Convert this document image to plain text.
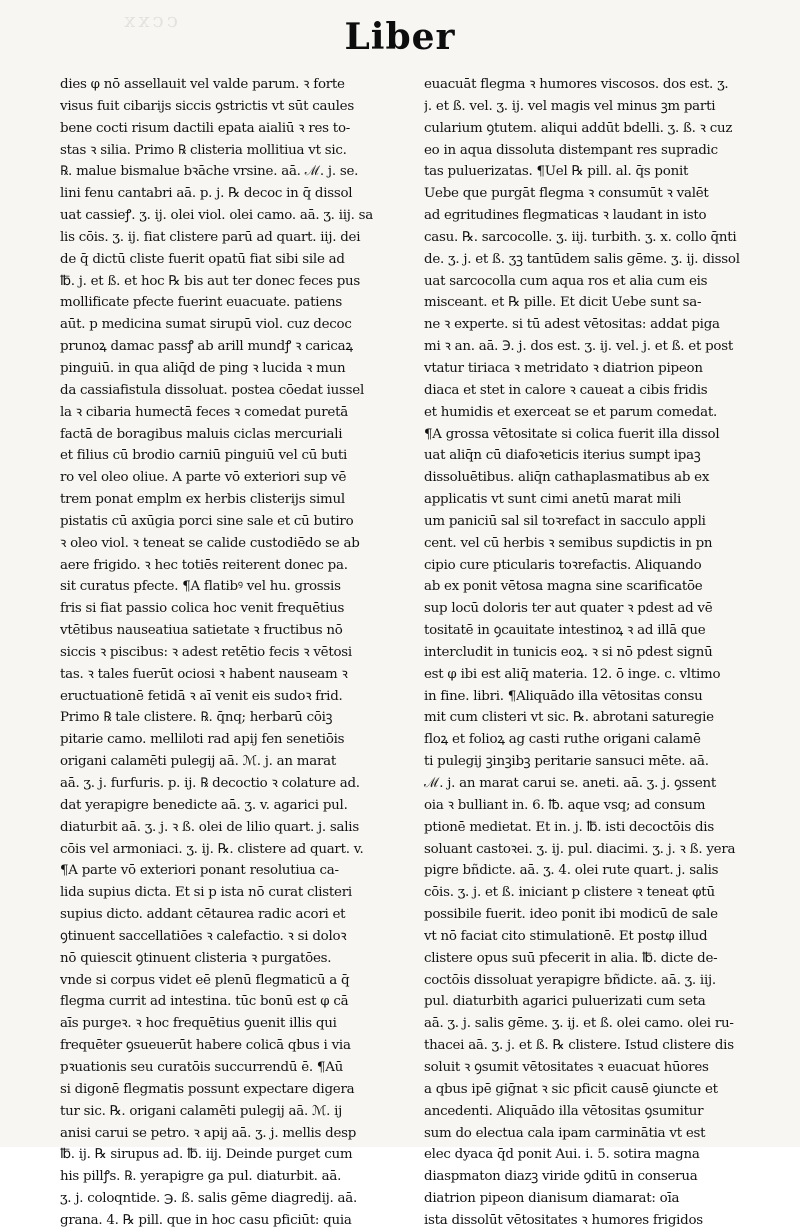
ccxx	Liber
dies φ nō assellauit vel valde parum. ꝛ forte
visus fuit cibarijs siccis ꝯstrictis vt sūt caules
bene cocti risum dactili epata aialiū ꝛ res to-
stas ꝛ silia. Primo ℞ clisteria mollitiua vt sic.
℞. malue bismalue bꝛāche vrsine. aā. ℳ. j. se.
lini fenu cantabri aā. p. j. ℞ decoc in q̄ dissol
uat cassieꝭ. ʒ. ij. olei viol. olei camo. aā. ʒ. iij. sa
lis cōis. ʒ. ij. fiat clistere parū ad quart. iij. dei
de q̄ dictū cliste fuerit opatū fiat sibi sile ad
℔. j. et ß. et hoc ℞ bis aut ter donec feces pus
mollificate pfecte fuerint euacuate. patiens
aūt. p medicina sumat sirupū viol. cuz decoc
prunoꝝ damac passꝭ ab arill mundꝭ ꝛ caricaꝝ
pinguiū. in qua aliq̄d de ping ꝛ lucida ꝛ mun
da cassiafistula dissoluat. postea cōedat iussel
la ꝛ cibaria humectā feces ꝛ comedat puretā
factā de boragibus maluis ciclas mercuriali
et filius cū brodio carniū pinguiū vel cū buti
ro vel oleo oliue. A parte vō exteriori sup vē
trem ponat emplm ex herbis clisterijs simul
pistatis cū axūgia porci sine sale et cū butiro
ꝛ oleo viol. ꝛ teneat se calide custodiēdo se ab
aere frigido. ꝛ hec totiēs reiterent donec pa.
sit curatus pfecte. ¶A flatibꝰ vel hu. grossis
fris si fiat passio colica hoc venit frequētius
vtētibus nauseatiua satietate ꝛ fructibus nō
siccis ꝛ piscibus: ꝛ adest retētio fecis ꝛ vētosi
tas. ꝛ tales fuerūt ociosi ꝛ habent nauseam ꝛ
eructuationē fetidā ꝛ aī venit eis sudoꝛ frid.
Primo ℞ tale clistere. ℞. q̄nq; herbarū cōiꝫ
pitarie camo. melliloti rad apij fen senetiōis
origani calamēti pulegij aā. ℳ. j. an marat
aā. ʒ. j. furfuris. p. ij. ℞ decoctio ꝛ colature ad.
dat yerapigre benedicte aā. ʒ. v. agarici pul.
diaturbit aā. ʒ. j. ꝛ ß. olei de lilio quart. j. salis
cōis vel armoniaci. ʒ. ij. ℞. clistere ad quart. v.
¶A parte vō exteriori ponant resolutiua ca-
lida supius dicta. Et si p ista nō curat clisteri
supius dicto. addant cētaurea radic acori et
ꝯtinuent saccellatiōes ꝛ calefactio. ꝛ si doloꝛ
nō quiescit ꝯtinuent clisteria ꝛ purgatōes.
vnde si corpus videt eē plenū flegmaticū a q̄
flegma currit ad intestina. tūc bonū est φ cā
aīs purgeꝛ. ꝛ hoc frequētius ꝯuenit illis qui
frequēter ꝯsueuerūt habere colicā qbus i via
pꝛuationis seu curatōis succurrendū ē. ¶Aū
si digonē flegmatis possunt expectare digera
tur sic. ℞. origani calamēti pulegij aā. ℳ. ij
anisi carui se petro. ꝛ apij aā. ʒ. j. mellis desp
℔. ij. ℞ sirupus ad. ℔. iij. Deinde purget cum
his pillꝭs. ℞. yerapigre ga pul. diaturbit. aā.
ʒ. j. coloqntide. ℈. ß. salis gēme diagredij. aā.
grana. 4. ℞ pill. que in hoc casu pficiūt: quia
euacuāt flegma ꝛ humores viscosos. dos est. ʒ.
j. et ß. vel. ʒ. ij. vel magis vel minus ꝫm parti
cularium ꝯtutem. aliqui addūt bdelli. ʒ. ß. ꝛ cuz
eo in aqua dissoluta distempant res supradic
tas puluerizatas. ¶Uel ℞ pill. al. q̄s ponit
Uebe que purgāt flegma ꝛ consumūt ꝛ valēt
ad egritudines flegmaticas ꝛ laudant in isto
casu. ℞. sarcocolle. ʒ. iij. turbith. ʒ. x. collo q̄nti
de. ʒ. j. et ß. ʒꝫ tantūdem salis gēme. ʒ. ij. dissol
uat sarcocolla cum aqua ros et alia cum eis
misceant. et ℞ pille. Et dicit Uebe sunt sa-
ne ꝛ experte. si tū adest vētositas: addat piga
mi ꝛ an. aā. ℈. j. dos est. ʒ. ij. vel. j. et ß. et post
vtatur tiriaca ꝛ metridato ꝛ diatrion pipeon
diaca et stet in calore ꝛ caueat a cibis fridis
et humidis et exerceat se et parum comedat.
¶A grossa vētositate si colica fuerit illa dissol
uat aliq̄n cū diafoꝛeticis iterius sumpt ipaꝫ
dissoluētibus. aliq̄n cathaplasmatibus ab ex
applicatis vt sunt cimi anetū marat mili
um paniciū sal sil toꝛrefact in sacculo appli
cent. vel cū herbis ꝛ semibus supdictis in pn
cipio cure pticularis toꝛrefactis. Aliquando
ab ex ponit vētosa magna sine scarificatōe
sup locū doloris ter aut quater ꝛ pdest ad vē
tositatē in ꝯcauitate intestinoꝝ ꝛ ad illā que
intercludit in tunicis eoꝝ. ꝛ si nō pdest signū
est φ ibi est aliq̄ materia. 12. ō inge. c. vltimo
in fine. libri. ¶Aliquādo illa vētositas consu
mit cum clisteri vt sic. ℞. abrotani saturegie
floꝝ et folioꝝ ag casti ruthe origani calamē
ti pulegij ꝫinꝫibꝫ peritarie sansuci mēte. aā.
ℳ. j. an marat carui se. aneti. aā. ʒ. j. ꝯssent
oia ꝛ bulliant in. 6. ℔. aque vsq; ad consum
ptionē medietat. Et in. j. ℔. isti decoctōis dis
soluant castoꝛei. ʒ. ij. pul. diacimi. ʒ. j. ꝛ ß. yera
pigre bñdicte. aā. ʒ. 4. olei rute quart. j. salis
cōis. ʒ. j. et ß. iniciant p clistere ꝛ teneat φtū
possibile fuerit. ideo ponit ibi modicū de sale
vt nō faciat cito stimulationē. Et postφ illud
clistere opus suū pfecerit in alia. ℔. dicte de-
coctōis dissoluat yerapigre bñdicte. aā. ʒ. iij.
pul. diaturbith agarici puluerizati cum seta
aā. ʒ. j. salis gēme. ʒ. ij. et ß. olei camo. olei ru-
thacei aā. ʒ. j. et ß. ℞ clistere. Istud clistere dis
soluit ꝛ ꝯsumit vētositates ꝛ euacuat hūores
a qbus ipē giḡnat ꝛ sic pficit causē ꝯiuncte et
ancedenti. Aliquādo illa vētositas ꝯsumitur
sum do electua cala ipam carminātia vt est
elec dyaca q̄d ponit Aui. i. 5. sotira magna
diaspmaton diazꝫ viride ꝯditū in conserua
diatrion pipeon dianisum diamarat: oīa
ista dissolūt vētositates ꝛ humores frigidos
